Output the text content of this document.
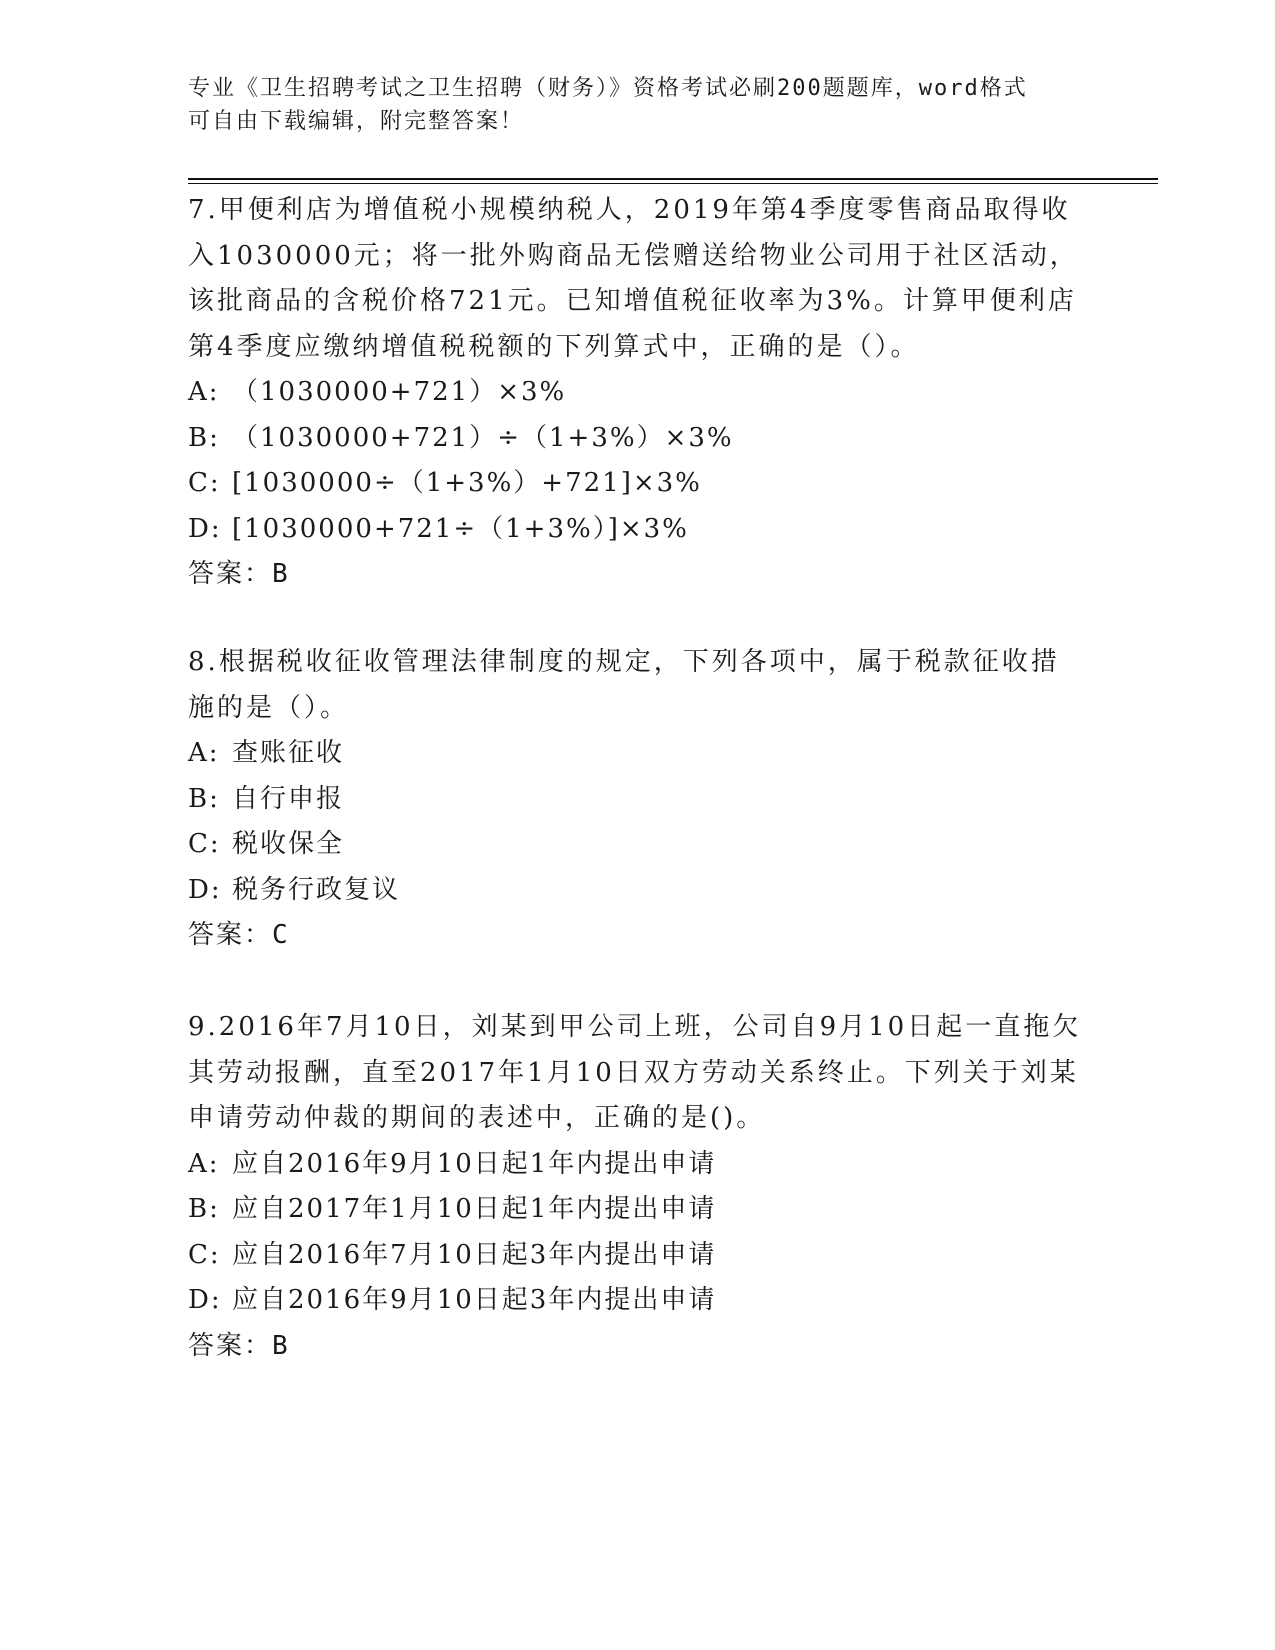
专业《卫生招聘考试之卫生招聘（财务）》资格考试必刷200题题库，word格式
可自由下载编辑，附完整答案！

7.甲便利店为增值税小规模纳税人，2019年第4季度零售商品取得收入1030000元；将一批外购商品无偿赠送给物业公司用于社区活动，该批商品的含税价格721元。已知增值税征收率为3%。计算甲便利店第4季度应缴纳增值税税额的下列算式中，正确的是（）。

A: （1030000+721）×3%

B: （1030000+721）÷（1+3%）×3%

C: [1030000÷（1+3%）+721]×3%

D: [1030000+721÷（1+3%）]×3%

答案：B

8.根据税收征收管理法律制度的规定，下列各项中，属于税款征收措施的是（）。

A: 查账征收

B: 自行申报

C: 税收保全

D: 税务行政复议

答案：C

9.2016年7月10日，刘某到甲公司上班，公司自9月10日起一直拖欠其劳动报酬，直至2017年1月10日双方劳动关系终止。下列关于刘某申请劳动仲裁的期间的表述中，正确的是()。

A: 应自2016年9月10日起1年内提出申请

B: 应自2017年1月10日起1年内提出申请

C: 应自2016年7月10日起3年内提出申请

D: 应自2016年9月10日起3年内提出申请

答案：B
